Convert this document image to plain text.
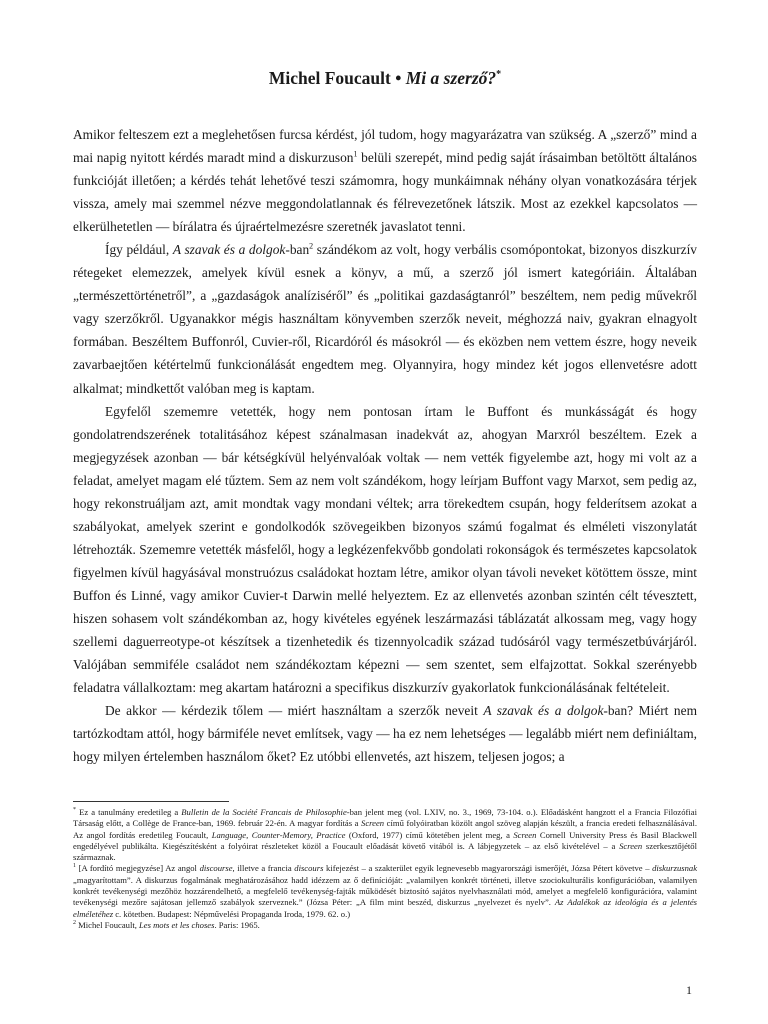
Michel Foucault • Mi a szerző?*

Amikor felteszem ezt a meglehetősen furcsa kérdést, jól tudom, hogy magyarázatra van szükség. A „szerző” mind a mai napig nyitott kérdés maradt mind a diskurzuson$^1$ belüli szerepét, mind pedig saját írásaimban betöltött általános funkcióját illetően; a kérdés tehát lehetővé teszi számomra, hogy munkáimnak néhány olyan vonatkozására térjek vissza, amely mai szemmel nézve meggondolatlannak és félrevezetőnek látszik. Most az ezekkel kapcsolatos — elkerülhetetlen — bírálatra és újraértelmezésre szeretnék javaslatot tenni.

Így például, A szavak és a dolgok-ban$^2$ szándékom az volt, hogy verbális csomópontokat, bizonyos diszkurzív rétegeket elemezzek, amelyek kívül esnek a könyv, a mű, a szerző jól ismert kategóriáin. Általában „természettörténetről”, a „gazdaságok analíziséről” és „politikai gazdaságtanról” beszéltem, nem pedig művekről vagy szerzőkről. Ugyanakkor mégis használtam könyvemben szerzők neveit, méghozzá naiv, gyakran elnagyolt formában. Beszéltem Buffonról, Cuvier-ről, Ricardóról és másokról — és eközben nem vettem észre, hogy neveik zavarbaejtően kétértelmű funkcionálását engedtem meg. Olyannyira, hogy mindez két jogos ellenvetésre adott alkalmat; mindkettőt valóban meg is kaptam.

Egyfelől szememre vetették, hogy nem pontosan írtam le Buffont és munkásságát és hogy gondolatrendszerének totalitásához képest szánalmasan inadekvát az, ahogyan Marxról beszéltem. Ezek a megjegyzések azonban — bár kétségkívül helyénvalóak voltak — nem vették figyelembe azt, hogy mi volt az a feladat, amelyet magam elé tűztem. Sem az nem volt szándékom, hogy leírjam Buffont vagy Marxot, sem pedig az, hogy rekonstruáljam azt, amit mondtak vagy mondani véltek; arra törekedtem csupán, hogy felderítsem azokat a szabályokat, amelyek szerint e gondolkodók szövegeikben bizonyos számú fogalmat és elméleti viszonylatát létrehozták. Szememre vetették másfelől, hogy a legkézenfekvőbb gondolati rokonságok és természetes kapcsolatok figyelmen kívül hagyásával monstruózus családokat hoztam létre, amikor olyan távoli neveket kötöttem össze, mint Buffon és Linné, vagy amikor Cuvier-t Darwin mellé helyeztem. Ez az ellenvetés azonban szintén célt tévesztett, hiszen sohasem volt szándékomban az, hogy kivételes egyének leszármazási táblázatát alkossam meg, vagy hogy szellemi daguerreotype-ot készítsek a tizenhetedik és tizennyolcadik század tudósáról vagy természetbúvárjáról. Valójában semmiféle családot nem szándékoztam képezni — sem szentet, sem elfajzottat. Sokkal szerényebb feladatra vállalkoztam: meg akartam határozni a specifikus diszkurzív gyakorlatok funkcionálásának feltételeit.

De akkor — kérdezik tőlem — miért használtam a szerzők neveit A szavak és a dolgok-ban? Miért nem tartózkodtam attól, hogy bármiféle nevet említsek, vagy — ha ez nem lehetséges — legalább miért nem definiáltam, hogy milyen értelemben használom őket? Ez utóbbi ellenvetés, azt hiszem, teljesen jogos; a

* Ez a tanulmány eredetileg a Bulletin de la Société Francais de Philosophie-ban jelent meg (vol. LXIV, no. 3., 1969, 73-104. o.). Előadásként hangzott el a Francia Filozófiai Társaság előtt, a Collège de France-ban, 1969. február 22-én. A magyar fordítás a Screen című folyóiratban közölt angol szöveg alapján készült, a francia eredeti felhasználásával. Az angol fordítás eredetileg Foucault, Language, Counter-Memory, Practice (Oxford, 1977) című kötetében jelent meg, a Screen Cornell University Press és Basil Blackwell engedélyével publikálta. Kiegészítésként a folyóirat részleteket közöl a Foucault előadását követő vitából is. A lábjegyzetek – az első kivételével – a Screen szerkesztőjétől származnak.

$^1$ [A fordító megjegyzése] Az angol discourse, illetve a francia discours kifejezést – a szakterület egyik legnevesebb magyarországi ismerőjét, Józsa Pétert követve – diskurzusnak „magyarítottam”. A diskurzus fogalmának meghatározásához hadd idézzem az ő definícióját: „valamilyen konkrét történeti, illetve szociokulturális konfigurációban, valamilyen konkrét tevékenységi mezőhöz hozzárendelhető, a megfelelő tevékenység-fajták működését biztosító sajátos nyelvhasználati mód, amelyet a megfelelő konfigurációra, valamint tevékenységi mezőre sajátosan jellemző szabályok szerveznek.” (Józsa Péter: „A film mint beszéd, diskurzus „nyelvezet és nyelv”. Az Adalékok az ideológia és a jelentés elméletéhez c. kötetben. Budapest: Népművelési Propaganda Iroda, 1979. 62. o.)

$^2$ Michel Foucault, Les mots et les choses. Paris: 1965.

1
